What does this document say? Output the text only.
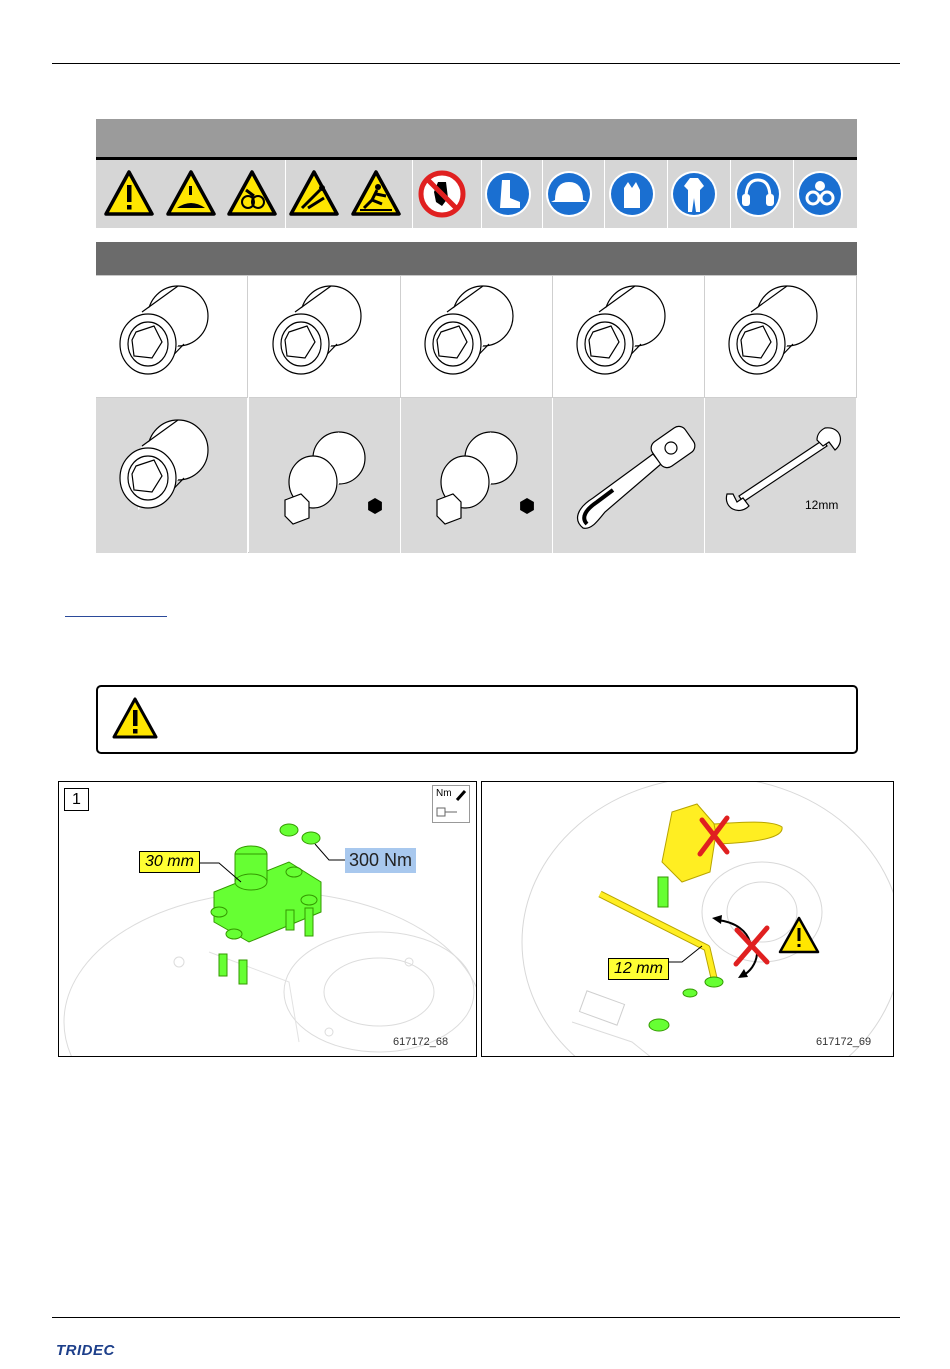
12mm
1	Nm
30 mm	300 Nm
617172_68
12 mm
617172_69
TRIDEC
